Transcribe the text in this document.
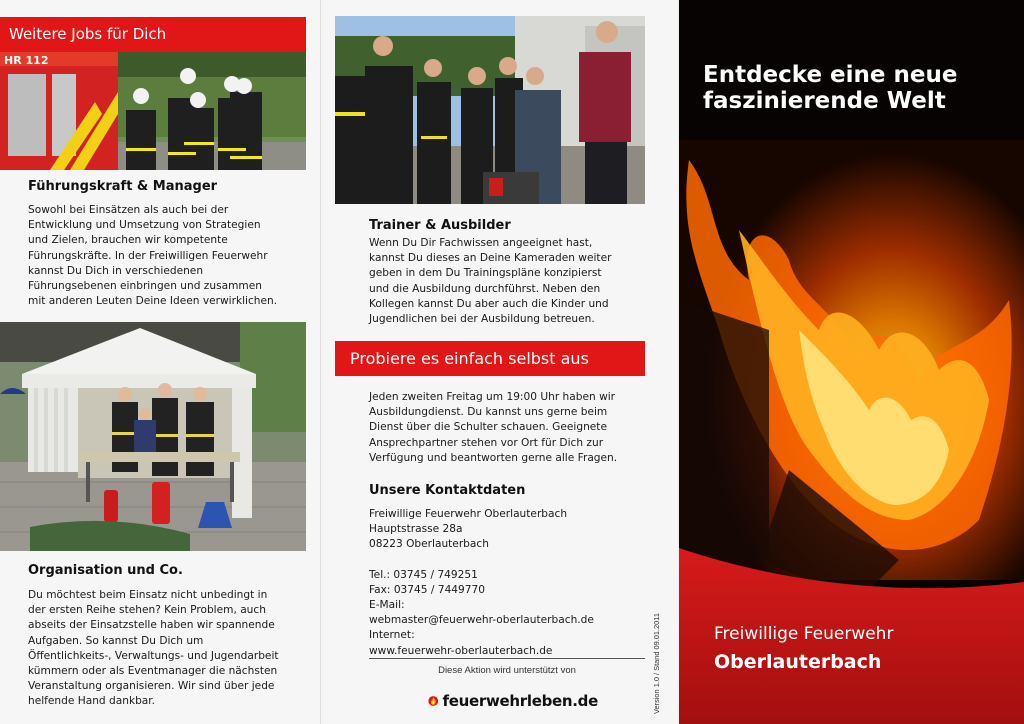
Weitere Jobs für Dich
HR 112
Führungskraft & Manager

Sowohl bei Einsätzen als auch bei der
Entwicklung und Umsetzung von Strategien
und Zielen, brauchen wir kompetente
Führungskräfte. In der Freiwilligen Feuerwehr
kannst Du Dich in verschiedenen
Führungsebenen einbringen und zusammen
mit anderen Leuten Deine Ideen verwirklichen.

Organisation und Co.

Du möchtest beim Einsatz nicht unbedingt in
der ersten Reihe stehen? Kein Problem, auch
abseits der Einsatzstelle haben wir spannende
Aufgaben. So kannst Du Dich um
Öffentlichkeits-, Verwaltungs- und Jugendarbeit
kümmern oder als Eventmanager die nächsten
Veranstaltung organisieren. Wir sind über jede
helfende Hand dankbar.

Trainer & Ausbilder

Wenn Du Dir Fachwissen angeeignet hast,
kannst Du dieses an Deine Kameraden weiter
geben in dem Du Trainingspläne konzipierst
und die Ausbildung durchführst. Neben den
Kollegen kannst Du aber auch die Kinder und
Jugendlichen bei der Ausbildung betreuen.

Probiere es einfach selbst aus

Jeden zweiten Freitag um 19:00 Uhr haben wir
Ausbildungdienst. Du kannst uns gerne beim
Dienst über die Schulter schauen. Geeignete
Ansprechpartner stehen vor Ort für Dich zur
Verfügung und beantworten gerne alle Fragen.

Unsere Kontaktdaten

Freiwillige Feuerwehr Oberlauterbach
Hauptstrasse 28a
08223 Oberlauterbach
Tel.: 03745 / 749251
Fax: 03745 / 7449770
E-Mail:
webmaster@feuerwehr-oberlauterbach.de
Internet:
www.feuerwehr-oberlauterbach.de

Diese Aktion wird unterstützt von
feuerwehrleben.de	Version 1.0 / Stand 09.01.2011
Entdecke eine neue
faszinierende Welt
Freiwillige Feuerwehr
Oberlauterbach
